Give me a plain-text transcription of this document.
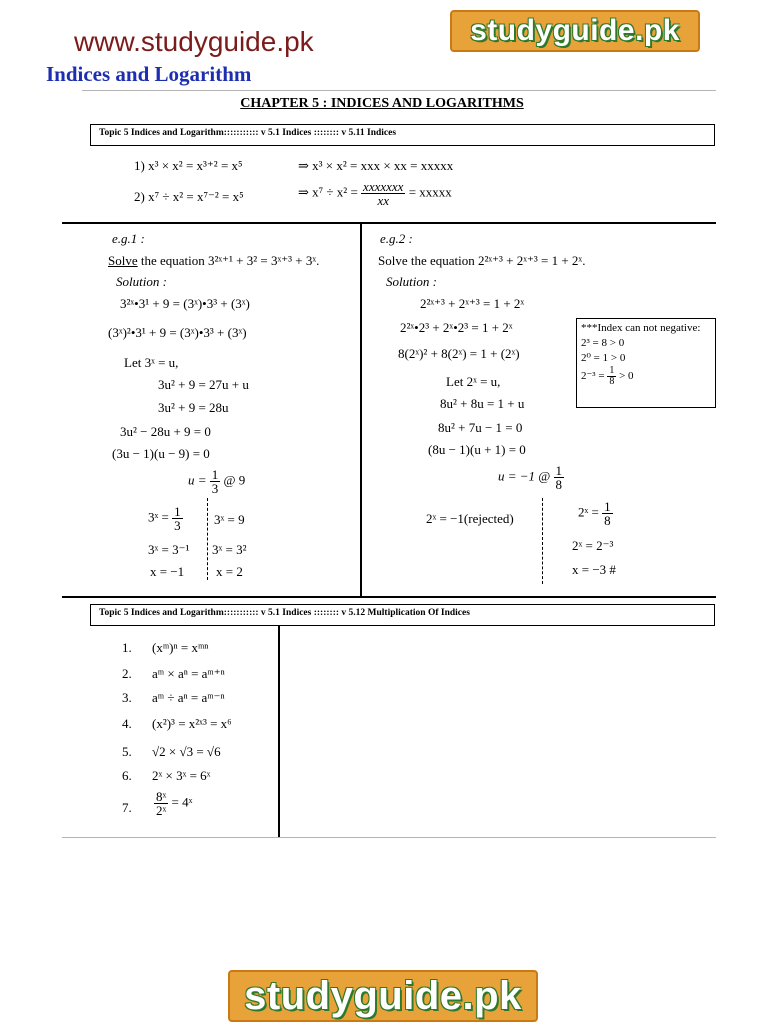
www.studyguide.pk
Indices and Logarithm
studyguide.pk
CHAPTER 5 : INDICES AND LOGARITHMS
Topic 5 Indices and Logarithm::::::::::: v 5.1 Indices :::::::: v 5.11 Indices
1) x³ × x² = x³⁺² = x⁵	⇒ x³ × x² = xxx × xx = xxxxx
2) x⁷ ÷ x² = x⁷⁻² = x⁵	⇒ $x^7 \div x^2 = \frac{\text{xxxxxxx}}{xx}$ = xxxxx
e.g.1 :
Solve the equation 3²ˣ⁺¹ + 3² = 3ˣ⁺³ + 3ˣ.
Solution :
3²ˣ•3¹ + 9 = (3ˣ)•3³ + (3ˣ)
(3ˣ)²•3¹ + 9 = (3ˣ)•3³ + (3ˣ)
Let 3ˣ = u,
3u² + 9 = 27u + u
3u² + 9 = 28u
3u² − 28u + 9 = 0
(3u − 1)(u − 9) = 0
$u = \frac{1}{3}$ @ 9
3ˣ = $\frac{1}{3}$
3ˣ = 3⁻¹
x = −1
3ˣ = 9
3ˣ = 3²
x = 2
e.g.2 :
Solve the equation 2²ˣ⁺³ + 2ˣ⁺³ = 1 + 2ˣ.
Solution :
2²ˣ⁺³ + 2ˣ⁺³ = 1 + 2ˣ
2²ˣ•2³ + 2ˣ•2³ = 1 + 2ˣ
8(2ˣ)² + 8(2ˣ) = 1 + (2ˣ)
Let 2ˣ = u,
8u² + 8u = 1 + u
8u² + 7u − 1 = 0
(8u − 1)(u + 1) = 0
***Index can not negative:
2³ = 8 > 0
2⁰ = 1 > 0
$2^{-3} = \frac{1}{8} > 0$
u = −1 @ $\frac{1}{8}$
2ˣ = −1(rejected)	2ˣ = $\frac{1}{8}$
2ˣ = 2⁻³
x = −3 #
Topic 5 Indices and Logarithm::::::::::: v 5.1 Indices :::::::: v 5.12 Multiplication Of Indices
1. (xᵐ)ⁿ = xᵐⁿ
2. aᵐ × aⁿ = aᵐ⁺ⁿ
3. aᵐ ÷ aⁿ = aᵐ⁻ⁿ
4. (x²)³ = x²ˣ³ = x⁶
5. √2 × √3 = √6
6. 2ˣ × 3ˣ = 6ˣ
7. $\frac{\text{8ˣ}}{\text{2ˣ}}$ = 4ˣ
studyguide.pk
